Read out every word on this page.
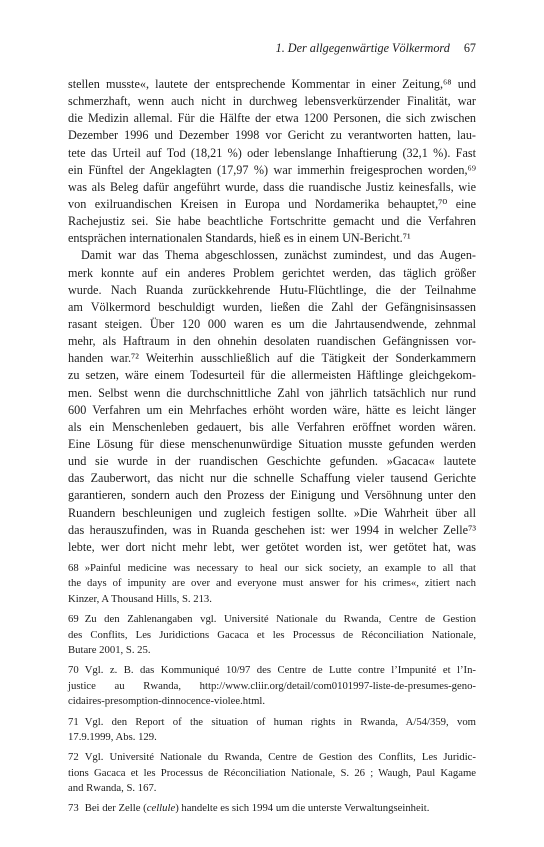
1. Der allgegenwärtige Völkermord 67
stellen musste«, lautete der entsprechende Kommentar in einer Zeitung,⁶⁸ und
schmerzhaft, wenn auch nicht in durchweg lebensverkürzender Finalität, war
die Medizin allemal. Für die Hälfte der etwa 1200 Personen, die sich zwischen
Dezember 1996 und Dezember 1998 vor Gericht zu verantworten hatten, lau-
tete das Urteil auf Tod (18,21 %) oder lebenslange Inhaftierung (32,1 %). Fast
ein Fünftel der Angeklagten (17,97 %) war immerhin freigesprochen worden,⁶⁹
was als Beleg dafür angeführt wurde, dass die ruandische Justiz keinesfalls, wie
von exilruandischen Kreisen in Europa und Nordamerika behauptet,⁷⁰ eine
Rachejustiz sei. Sie habe beachtliche Fortschritte gemacht und die Verfahren
entsprächen internationalen Standards, hieß es in einem UN-Bericht.⁷¹
Damit war das Thema abgeschlossen, zunächst zumindest, und das Augen-
merk konnte auf ein anderes Problem gerichtet werden, das täglich größer
wurde. Nach Ruanda zurückkehrende Hutu-Flüchtlinge, die der Teilnahme
am Völkermord beschuldigt wurden, ließen die Zahl der Gefängnisinsassen
rasant steigen. Über 120 000 waren es um die Jahrtausendwende, zehnmal
mehr, als Haftraum in den ohnehin desolaten ruandischen Gefängnissen vor-
handen war.⁷² Weiterhin ausschließlich auf die Tätigkeit der Sonderkammern
zu setzen, wäre einem Todesurteil für die allermeisten Häftlinge gleichgekom-
men. Selbst wenn die durchschnittliche Zahl von jährlich tatsächlich nur rund
600 Verfahren um ein Mehrfaches erhöht worden wäre, hätte es leicht länger
als ein Menschenleben gedauert, bis alle Verfahren eröffnet worden wären.
Eine Lösung für diese menschenunwürdige Situation musste gefunden werden
und sie wurde in der ruandischen Geschichte gefunden. »Gacaca« lautete
das Zauberwort, das nicht nur die schnelle Schaffung vieler tausend Gerichte
garantieren, sondern auch den Prozess der Einigung und Versöhnung unter den
Ruandern beschleunigen und zugleich festigen sollte. »Die Wahrheit über all
das herauszufinden, was in Ruanda geschehen ist: wer 1994 in welcher Zelle⁷³
lebte, wer dort nicht mehr lebt, wer getötet worden ist, wer getötet hat, was
68 »Painful medicine was necessary to heal our sick society, an example to all that
the days of impunity are over and everyone must answer for his crimes«, zitiert nach
Kinzer, A Thousand Hills, S. 213.
69 Zu den Zahlenangaben vgl. Université Nationale du Rwanda, Centre de Gestion
des Conflits, Les Juridictions Gacaca et les Processus de Réconciliation Nationale,
Butare 2001, S. 25.
70 Vgl. z. B. das Kommuniqué 10/97 des Centre de Lutte contre l’Impunité et l’In-
justice au Rwanda, http://www.cliir.org/detail/com0101997-liste-de-presumes-geno-
cidaires-presomption-dinnocence-violee.html.
71 Vgl. den Report of the situation of human rights in Rwanda, A/54/359, vom
17.9.1999, Abs. 129.
72 Vgl. Université Nationale du Rwanda, Centre de Gestion des Conflits, Les Juridic-
tions Gacaca et les Processus de Réconciliation Nationale, S. 26 ; Waugh, Paul Kagame
and Rwanda, S. 167.
73 Bei der Zelle (cellule) handelte es sich 1994 um die unterste Verwaltungseinheit.
